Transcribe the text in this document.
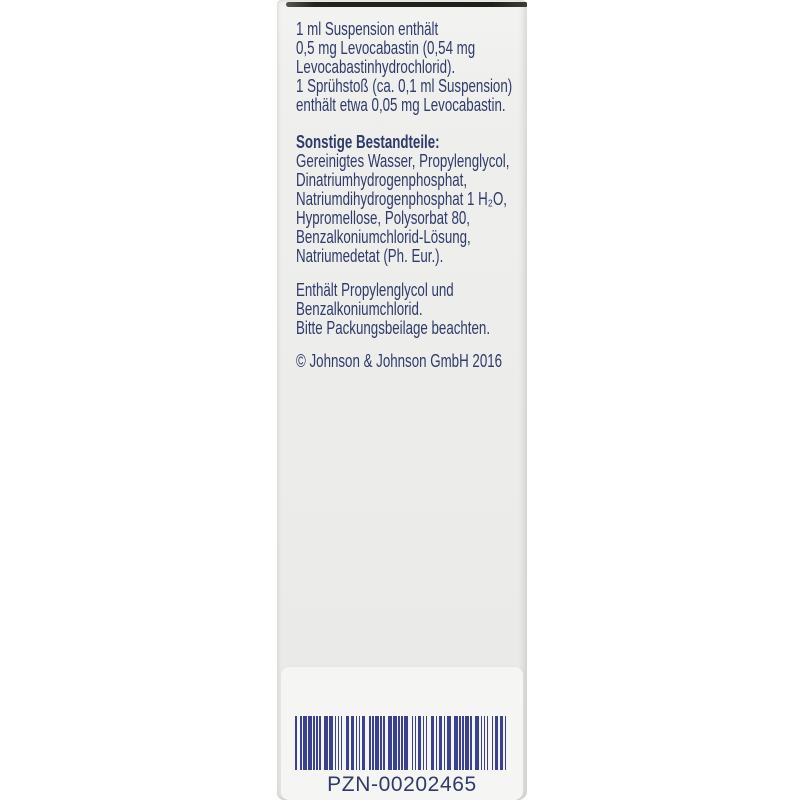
1 ml Suspension enthält
0,5 mg Levocabastin (0,54 mg
Levocabastinhydrochlorid).
1 Sprühstoß (ca. 0,1 ml Suspension)
enthält etwa 0,05 mg Levocabastin.
Sonstige Bestandteile:
Gereinigtes Wasser, Propylenglycol,
Dinatriumhydrogenphosphat,
Natriumdihydrogenphosphat 1 H₂O,
Hypromellose, Polysorbat 80,
Benzalkoniumchlorid-Lösung,
Natriumedetat (Ph. Eur.).
Enthält Propylenglycol und
Benzalkoniumchlorid.
Bitte Packungsbeilage beachten.
© Johnson & Johnson GmbH 2016
PZN-00202465
